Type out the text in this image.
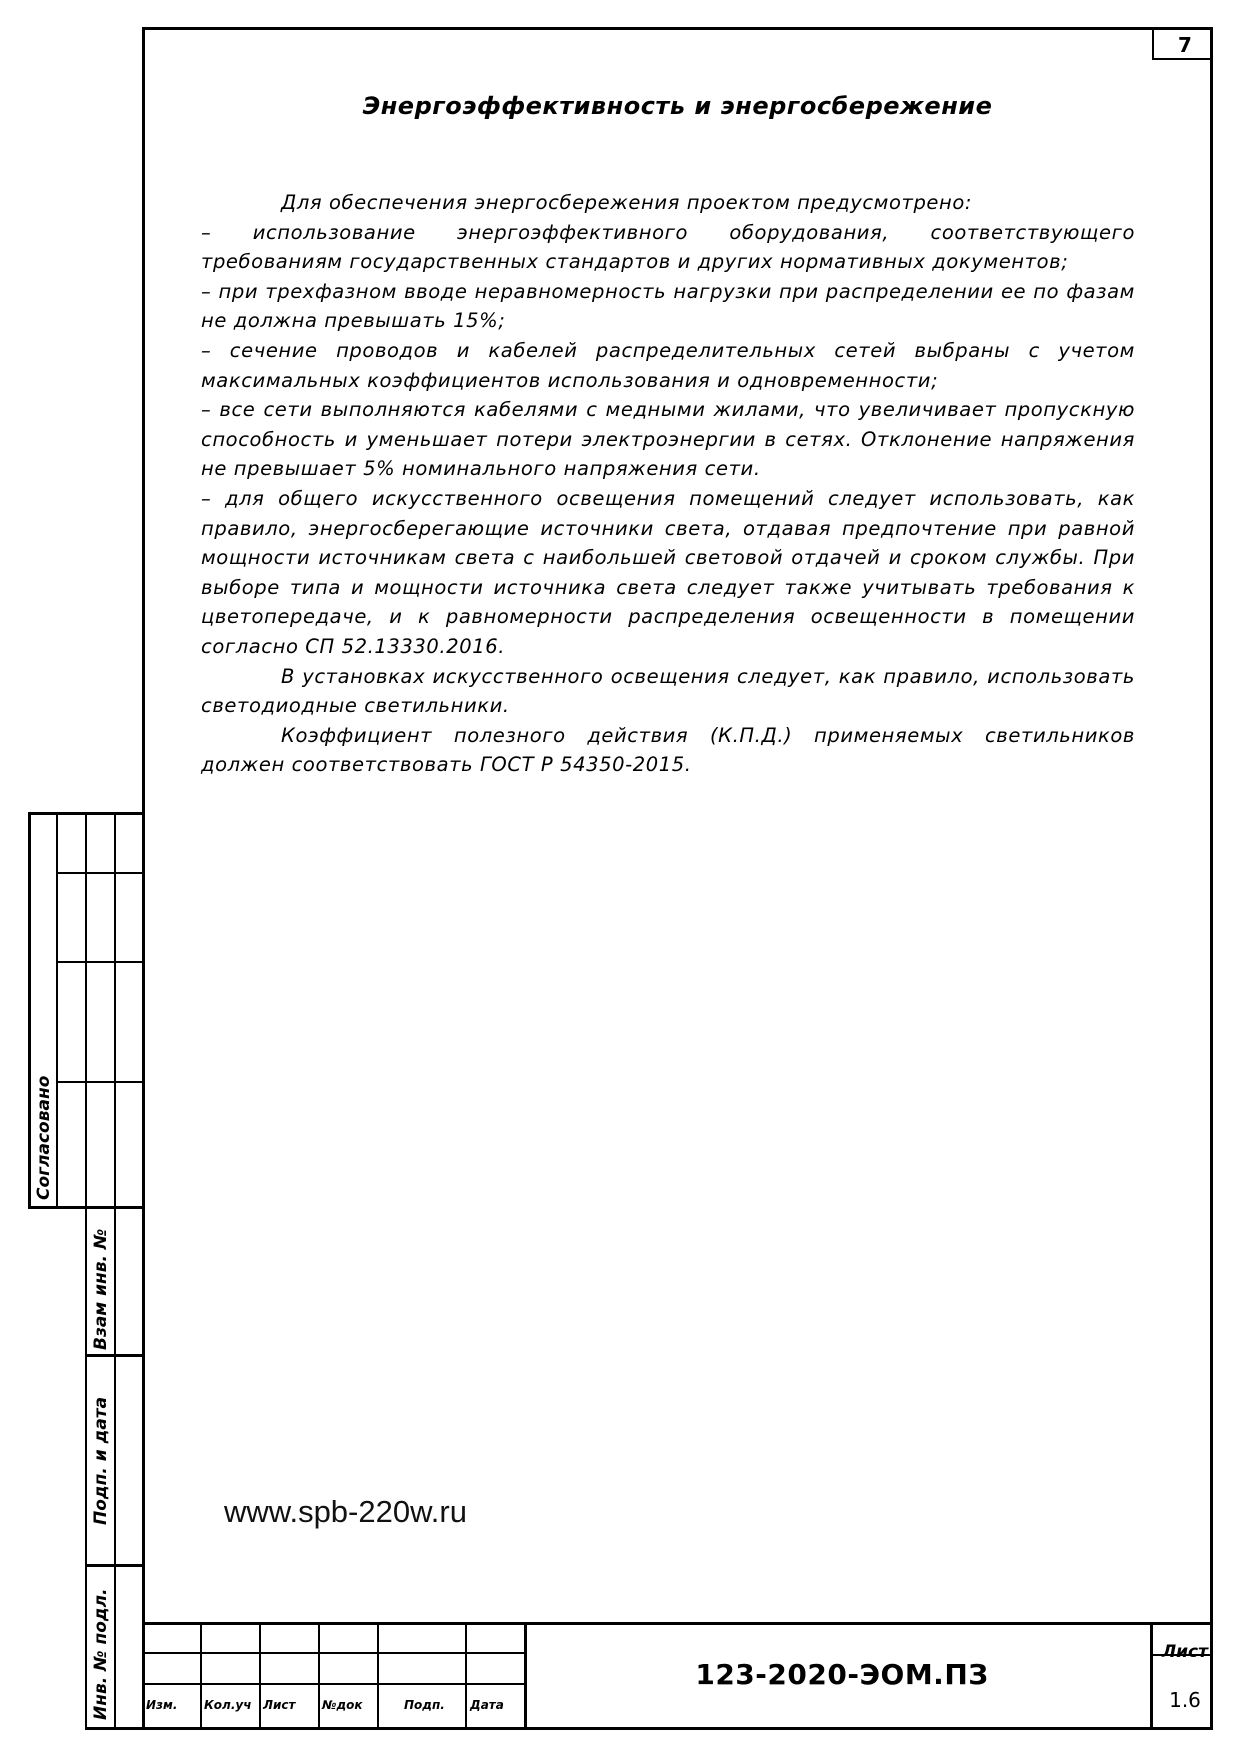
7
Энергоэффективность и энергосбережение

Для обеспечения энергосбережения проектом предусмотрено:

– использование энергоэффективного оборудования, соответствующего требованиям государственных стандартов и других нормативных документов;

– при трехфазном вводе неравномерность нагрузки при распределении ее по фазам не должна превышать 15%;

– сечение проводов и кабелей распределительных сетей выбраны с учетом максимальных коэффициентов использования и одновременности;

– все сети выполняются кабелями с медными жилами, что увеличивает пропускную способность и уменьшает потери электроэнергии в сетях. Отклонение напряжения не превышает 5% номинального напряжения сети.

– для общего искусственного освещения помещений следует использовать, как правило, энергосберегающие источники света, отдавая предпочтение при равной мощности источникам света с наибольшей световой отдачей и сроком службы. При выборе типа и мощности источника света следует также учитывать требования к цветопередаче, и к равномерности распределения освещенности в помещении согласно СП 52.13330.2016.

В установках искусственного освещения следует, как правило, использовать светодиодные светильники.

Коэффициент полезного действия (К.П.Д.) применяемых светильников должен соответствовать ГОСТ Р 54350-2015.

www.spb-220w.ru
Согласовано
Взам инв. №
Подп. и дата
Инв. № подл.	Изм. Кол.уч Лист №док	Подп. Дата
123-2020-ЭОМ.ПЗ
Лист
1.6
